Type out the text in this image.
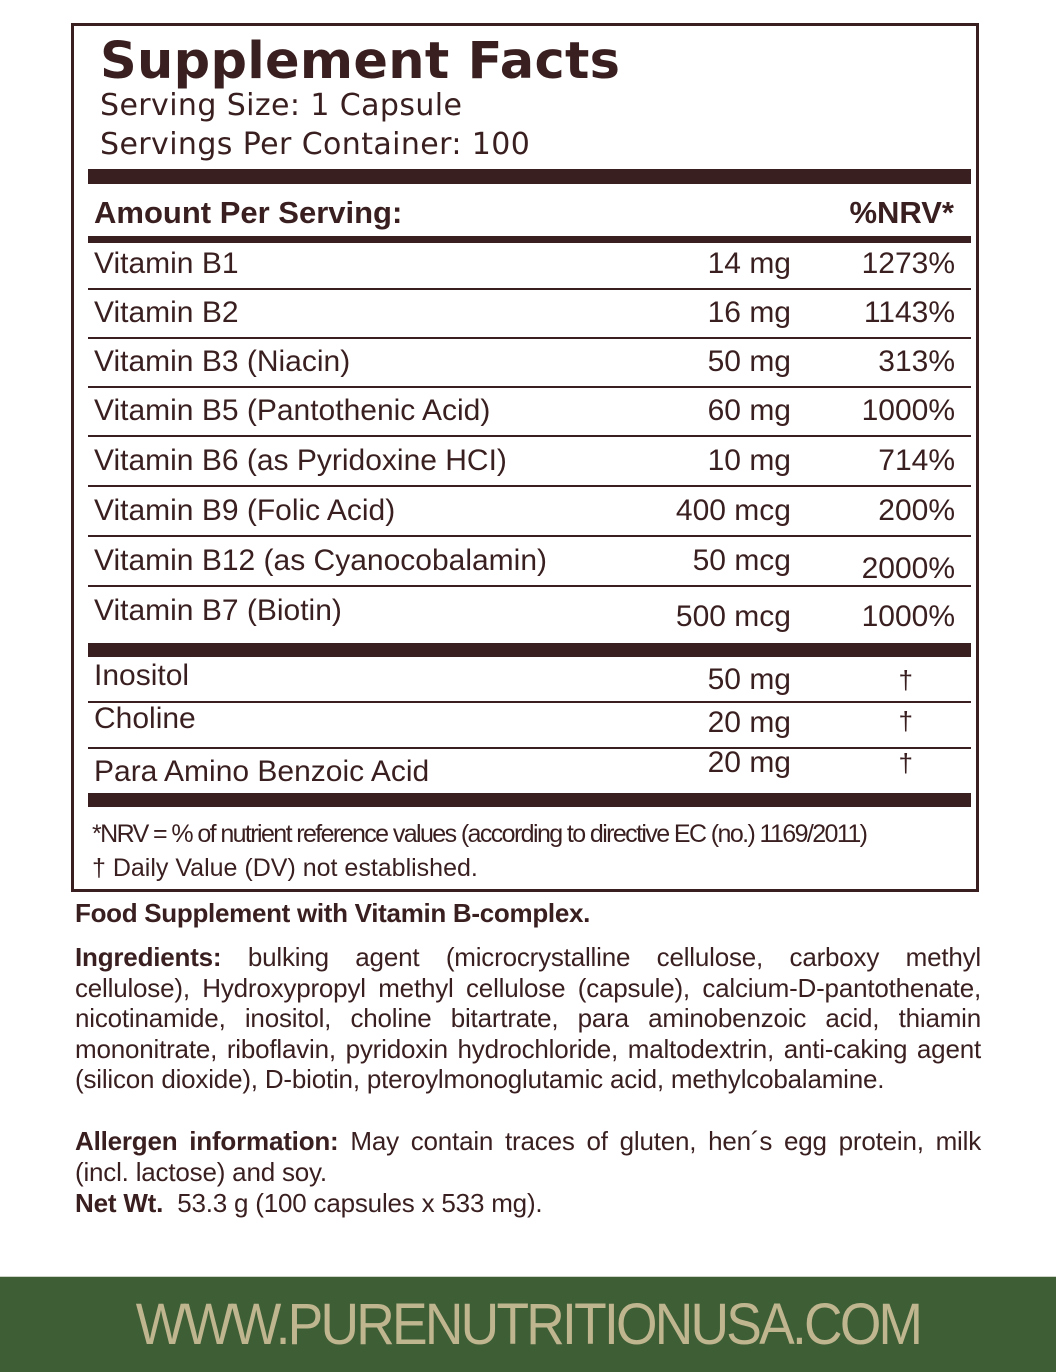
Supplement Facts
Serving Size: 1 Capsule
Servings Per Container: 100
Amount Per Serving:	%NRV*
Vitamin B1	14 mg 1273%
Vitamin B2	16 mg 1143%
Vitamin B3 (Niacin)	50 mg	313%
Vitamin B5 (Pantothenic Acid)	60 mg 1000%
Vitamin B6 (as Pyridoxine HCI)	10 mg	714%
Vitamin B9 (Folic Acid)	400 mcg	200%
Vitamin B12 (as Cyanocobalamin)	50 mcg 2000%
Vitamin B7 (Biotin)	500 mcg 1000%
Inositol	50 mg	†
Choline	20 mg	†
Para Amino Benzoic Acid	20 mg	†
*NRV = % of nutrient reference values (according to directive EC (no.) 1169/2011)
† Daily Value (DV) not established.
Food Supplement with Vitamin B-complex.
Ingredients: bulking agent (microcrystalline cellulose, carboxy methyl cellulose), Hydroxypropyl methyl cellulose (capsule), calcium-D-pantothenate, nicotinamide, inositol, choline bitartrate, para aminobenzoic acid, thiamin mononitrate, riboflavin, pyridoxin hydrochloride, maltodextrin, anti-caking agent (silicon dioxide), D-biotin, pteroylmonoglutamic acid, methylcobalamine.
Allergen information: May contain traces of gluten, hen´s egg protein, milk (incl. lactose) and soy.
Net Wt.  53.3 g (100 capsules x 533 mg).
WWW.PURENUTRITIONUSA.COM
